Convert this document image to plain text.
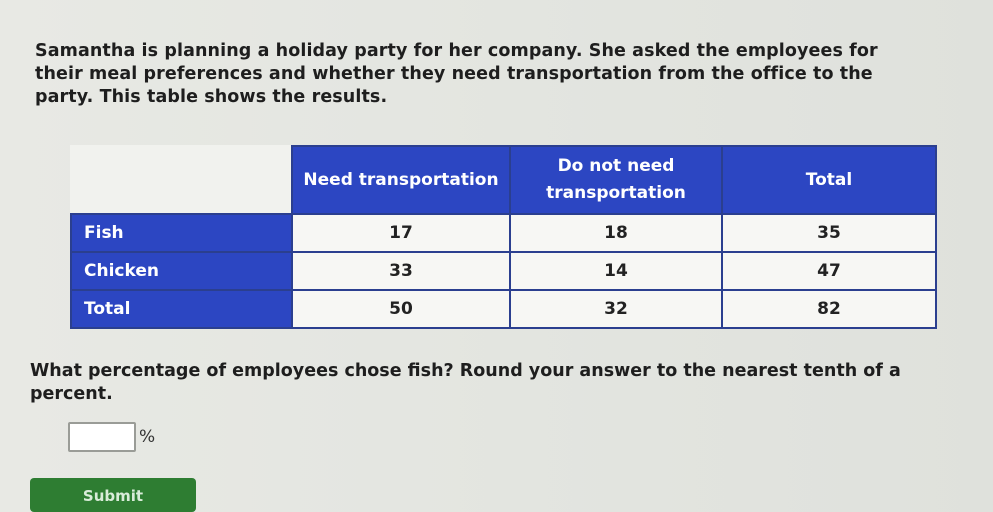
Samantha is planning a holiday party for her company. She asked the employees for their meal preferences and whether they need transportation from the office to the party. This table shows the results.

	Need transportation	Do not need transportation	Total
Fish	17	18	35
Chicken	33	14	47
Total	50	32	82

What percentage of employees chose fish? Round your answer to the nearest tenth of a percent.

%
Submit
